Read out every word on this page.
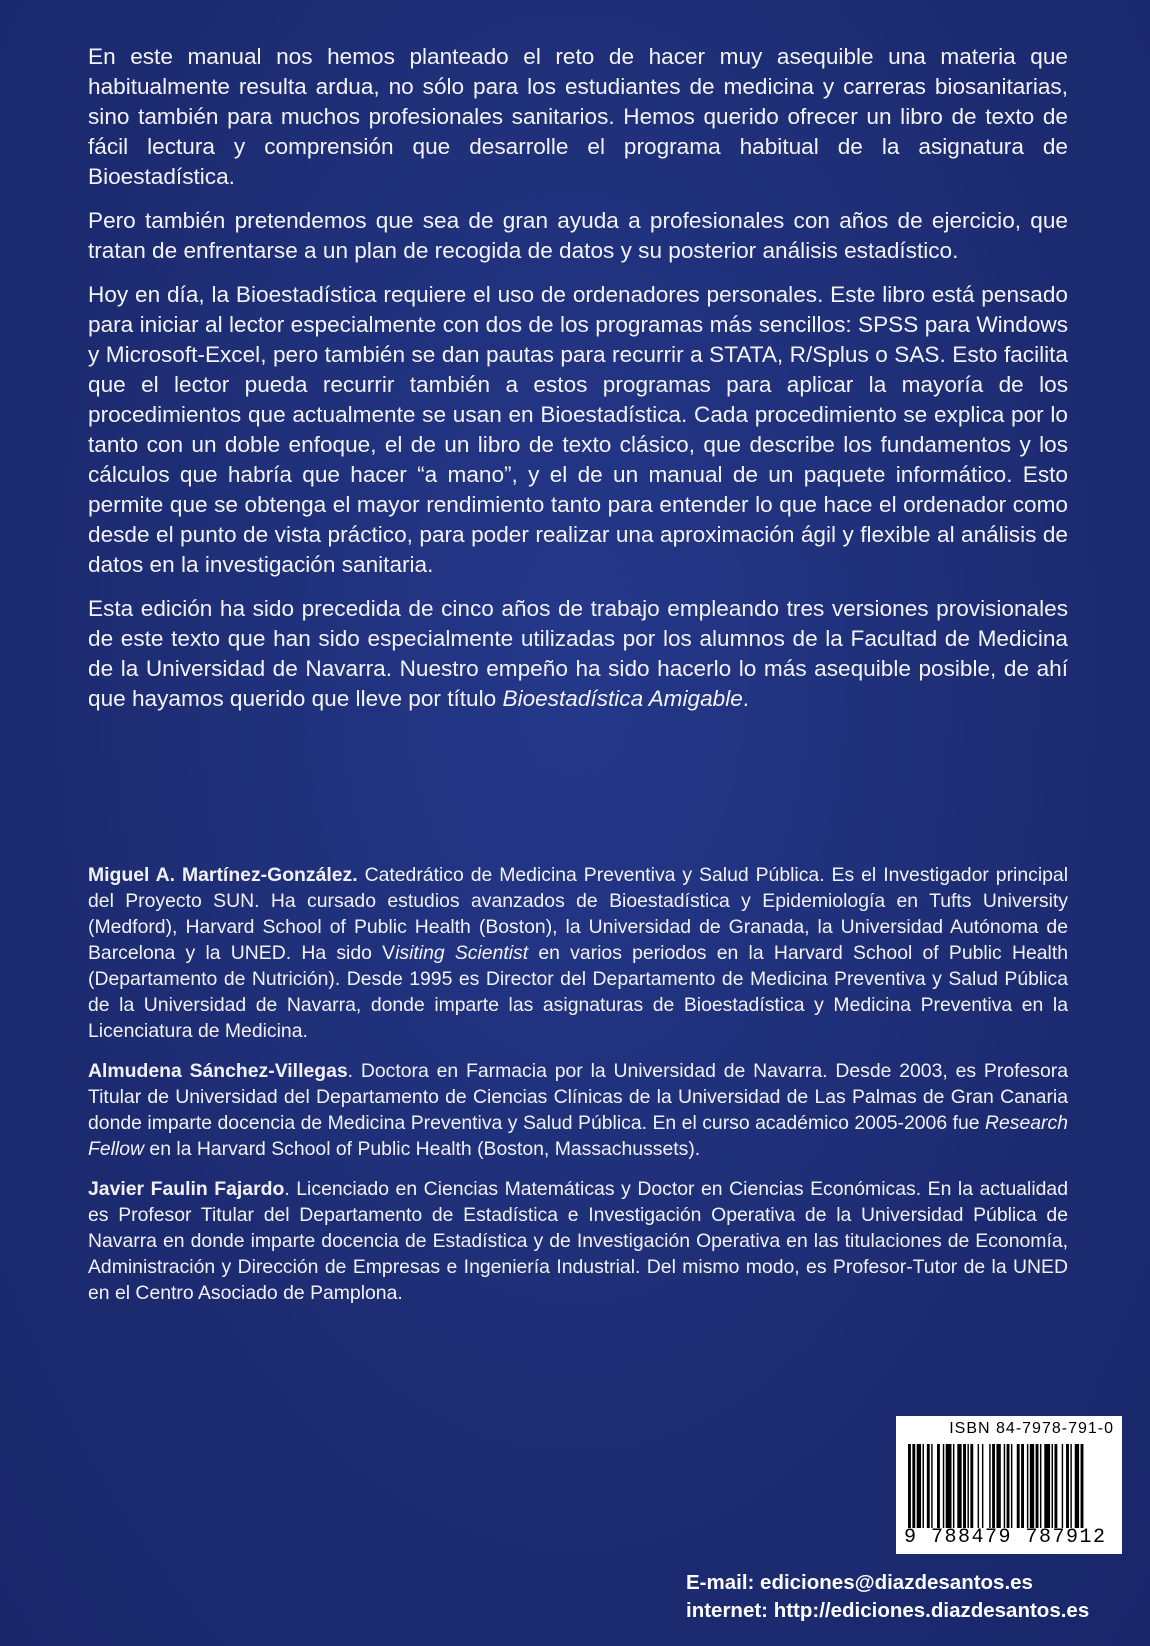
En este manual nos hemos planteado el reto de hacer muy asequible una materia que habitualmente resulta ardua, no sólo para los estudiantes de medicina y carreras biosanitarias, sino también para muchos profesionales sanitarios. Hemos querido ofrecer un libro de texto de fácil lectura y comprensión que desarrolle el programa habitual de la asignatura de Bioestadística.

Pero también pretendemos que sea de gran ayuda a profesionales con años de ejercicio, que tratan de enfrentarse a un plan de recogida de datos y su posterior análisis estadístico.

Hoy en día, la Bioestadística requiere el uso de ordenadores personales. Este libro está pensado para iniciar al lector especialmente con dos de los programas más sencillos: SPSS para Windows y Microsoft-Excel, pero también se dan pautas para recurrir a STATA, R/Splus o SAS. Esto facilita que el lector pueda recurrir también a estos programas para aplicar la mayoría de los procedimientos que actualmente se usan en Bioestadística. Cada procedimiento se explica por lo tanto con un doble enfoque, el de un libro de texto clásico, que describe los fundamentos y los cálculos que habría que hacer “a mano”, y el de un manual de un paquete informático. Esto permite que se obtenga el mayor rendimiento tanto para entender lo que hace el ordenador como desde el punto de vista práctico, para poder realizar una aproximación ágil y flexible al análisis de datos en la investigación sanitaria.

Esta edición ha sido precedida de cinco años de trabajo empleando tres versiones provisionales de este texto que han sido especialmente utilizadas por los alumnos de la Facultad de Medicina de la Universidad de Navarra. Nuestro empeño ha sido hacerlo lo más asequible posible, de ahí que hayamos querido que lleve por título Bioestadística Amigable.

Miguel A. Martínez-González. Catedrático de Medicina Preventiva y Salud Pública. Es el Investigador principal del Proyecto SUN. Ha cursado estudios avanzados de Bioestadística y Epidemiología en Tufts University (Medford), Harvard School of Public Health (Boston), la Universidad de Granada, la Universidad Autónoma de Barcelona y la UNED. Ha sido Visiting Scientist en varios periodos en la Harvard School of Public Health (Departamento de Nutrición). Desde 1995 es Director del Departamento de Medicina Preventiva y Salud Pública de la Universidad de Navarra, donde imparte las asignaturas de Bioestadística y Medicina Preventiva en la Licenciatura de Medicina.

Almudena Sánchez-Villegas. Doctora en Farmacia por la Universidad de Navarra. Desde 2003, es Profesora Titular de Universidad del Departamento de Ciencias Clínicas de la Universidad de Las Palmas de Gran Canaria donde imparte docencia de Medicina Preventiva y Salud Pública. En el curso académico 2005-2006 fue Research Fellow en la Harvard School of Public Health (Boston, Massachussets).

Javier Faulin Fajardo. Licenciado en Ciencias Matemáticas y Doctor en Ciencias Económicas. En la actualidad es Profesor Titular del Departamento de Estadística e Investigación Operativa de la Universidad Pública de Navarra en donde imparte docencia de Estadística y de Investigación Operativa en las titulaciones de Economía, Administración y Dirección de Empresas e Ingeniería Industrial. Del mismo modo, es Profesor-Tutor de la UNED en el Centro Asociado de Pamplona.

ISBN 84-7978-791-0
9 788479 787912
E-mail: ediciones@diazdesantos.es
internet: http://ediciones.diazdesantos.es
